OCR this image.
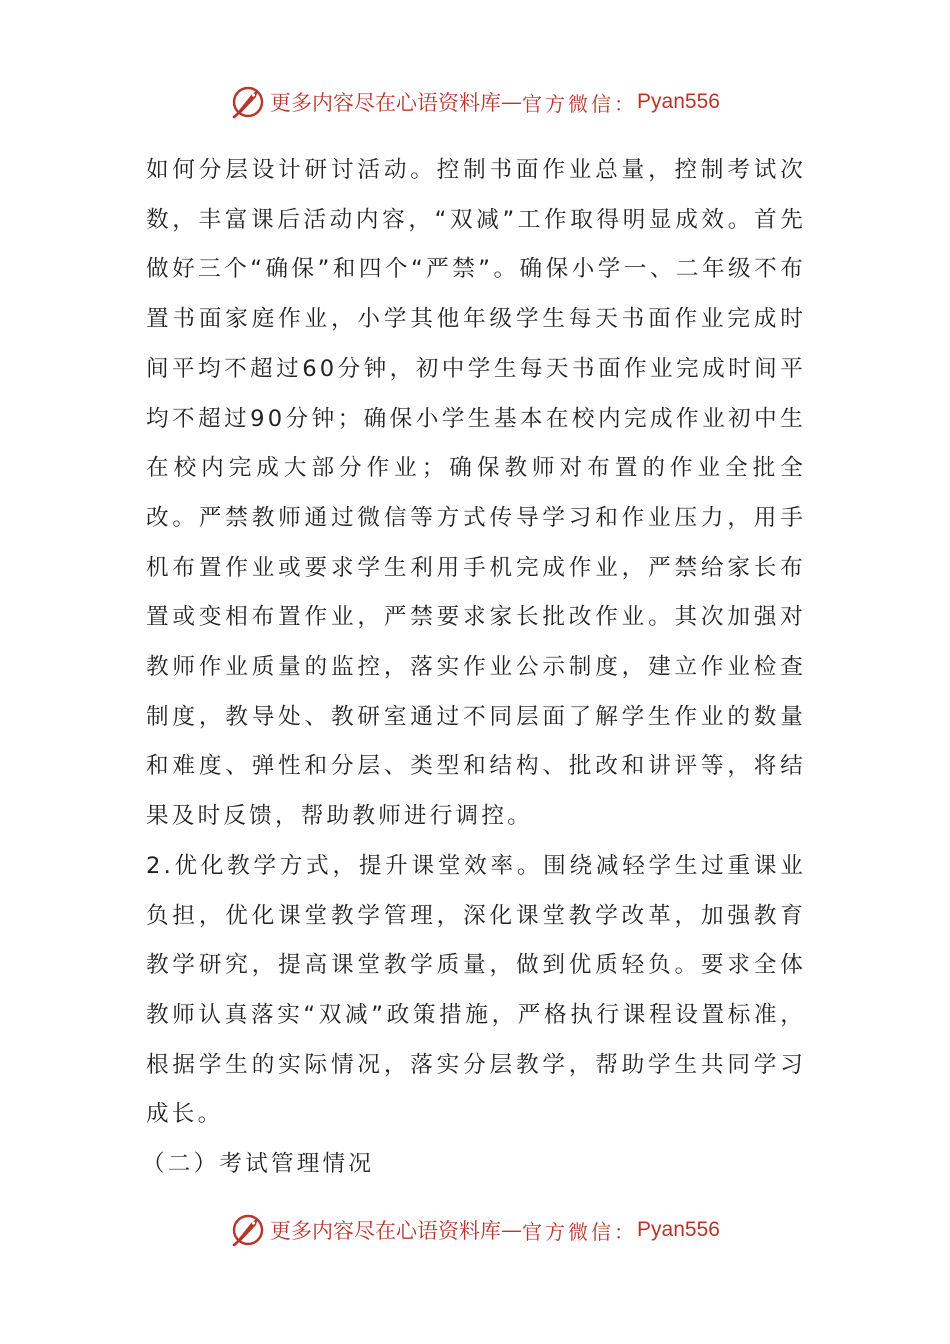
更多内容尽在心语资料库 — 官方微信： Pyan556

如何分层设计研讨活动。控制书面作业总量，控制考试次数，丰富课后活动内容，“双减”工作取得明显成效。首先做好三个“确保”和四个“严禁”。确保小学一、二年级不布置书面家庭作业，小学其他年级学生每天书面作业完成时间平均不超过60分钟，初中学生每天书面作业完成时间平均不超过90分钟；确保小学生基本在校内完成作业初中生在校内完成大部分作业；确保教师对布置的作业全批全改。严禁教师通过微信等方式传导学习和作业压力，用手机布置作业或要求学生利用手机完成作业，严禁给家长布置或变相布置作业，严禁要求家长批改作业。其次加强对教师作业质量的监控，落实作业公示制度，建立作业检查制度，教导处、教研室通过不同层面了解学生作业的数量和难度、弹性和分层、类型和结构、批改和讲评等，将结果及时反馈，帮助教师进行调控。

2.优化教学方式，提升课堂效率。围绕减轻学生过重课业负担，优化课堂教学管理，深化课堂教学改革，加强教育教学研究，提高课堂教学质量，做到优质轻负。要求全体教师认真落实“双减”政策措施，严格执行课程设置标准，根据学生的实际情况，落实分层教学，帮助学生共同学习成长。

（二）考试管理情况

更多内容尽在心语资料库 — 官方微信： Pyan556
